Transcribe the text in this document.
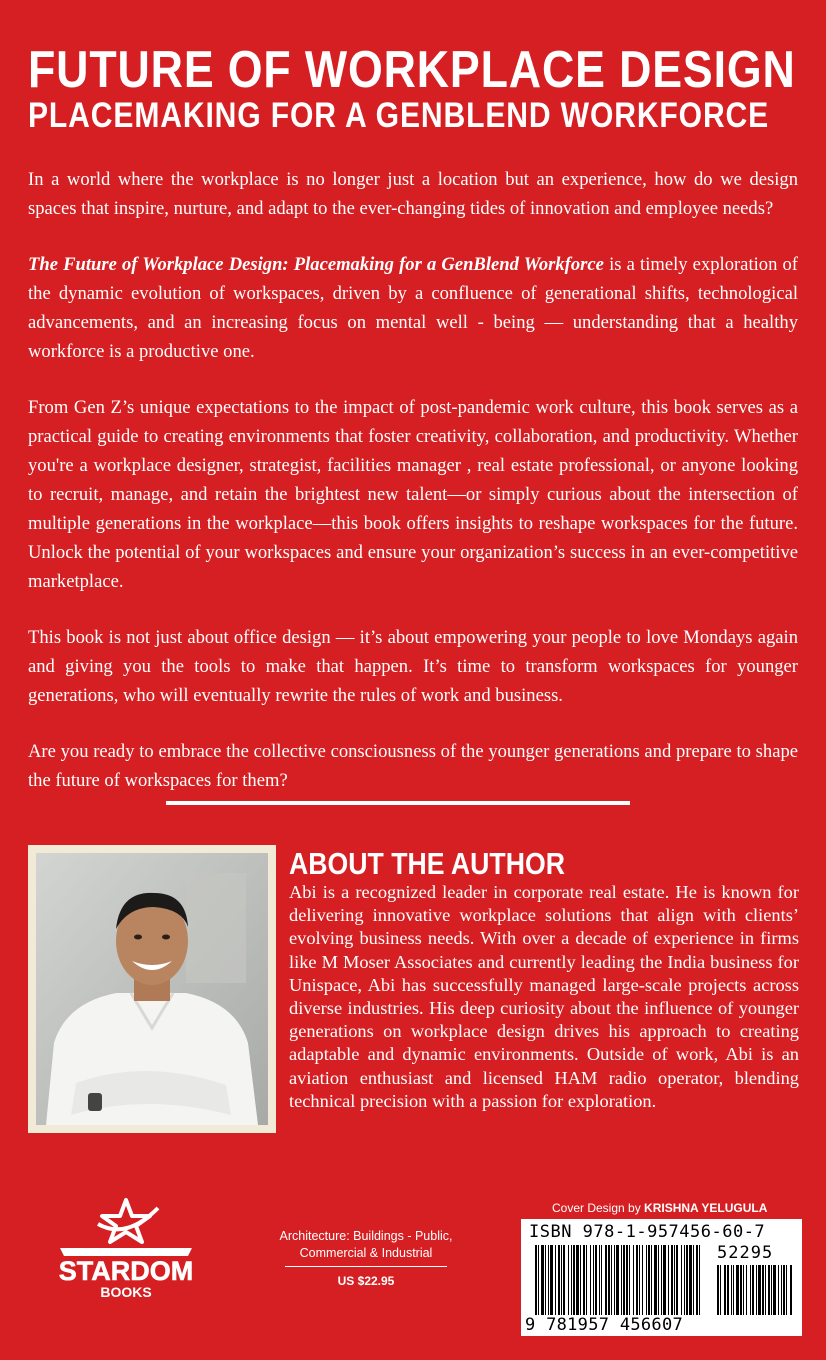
FUTURE OF WORKPLACE DESIGN
PLACEMAKING FOR A GENBLEND WORKFORCE

In a world where the workplace is no longer just a location but an experience, how do we design spaces that inspire, nurture, and adapt to the ever-changing tides of innovation and employee needs?

The Future of Workplace Design: Placemaking for a GenBlend Workforce is a timely exploration of the dynamic evolution of workspaces, driven by a confluence of generational shifts, technological advancements, and an increasing focus on mental well - being — understanding that a healthy workforce is a productive one.

From Gen Z’s unique expectations to the impact of post-pandemic work culture, this book serves as a practical guide to creating environments that foster creativity, collaboration, and productivity. Whether you're a workplace designer, strategist, facilities manager , real estate professional, or anyone looking to recruit, manage, and retain the brightest new talent—or simply curious about the intersection of multiple generations in the workplace—this book offers insights to reshape workspaces for the future. Unlock the potential of your workspaces and ensure your organization’s success in an ever-competitive marketplace.

This book is not just about office design — it’s about empowering your people to love Mondays again and giving you the tools to make that happen. It’s time to transform workspaces for younger generations, who will eventually rewrite the rules of work and business.

Are you ready to embrace the collective consciousness of the younger generations and prepare to shape the future of workspaces for them?

ABOUT THE AUTHOR
Abi is a recognized leader in corporate real estate. He is known for delivering innovative workplace solutions that align with clients’ evolving business needs. With over a decade of experience in firms like M Moser Associates and currently leading the India business for Unispace, Abi has successfully managed large-scale projects across diverse industries. His deep curiosity about the influence of younger generations on workplace design drives his approach to creating adaptable and dynamic environments. Outside of work, Abi is an aviation enthusiast and licensed HAM radio operator, blending technical precision with a passion for exploration.
STARDOM
BOOKS
Architecture: Buildings - Public,
Commercial & Industrial
US $22.95
Cover Design by KRISHNA YELUGULA
ISBN 978-1-957456-60-7
52295
9 781957 456607
